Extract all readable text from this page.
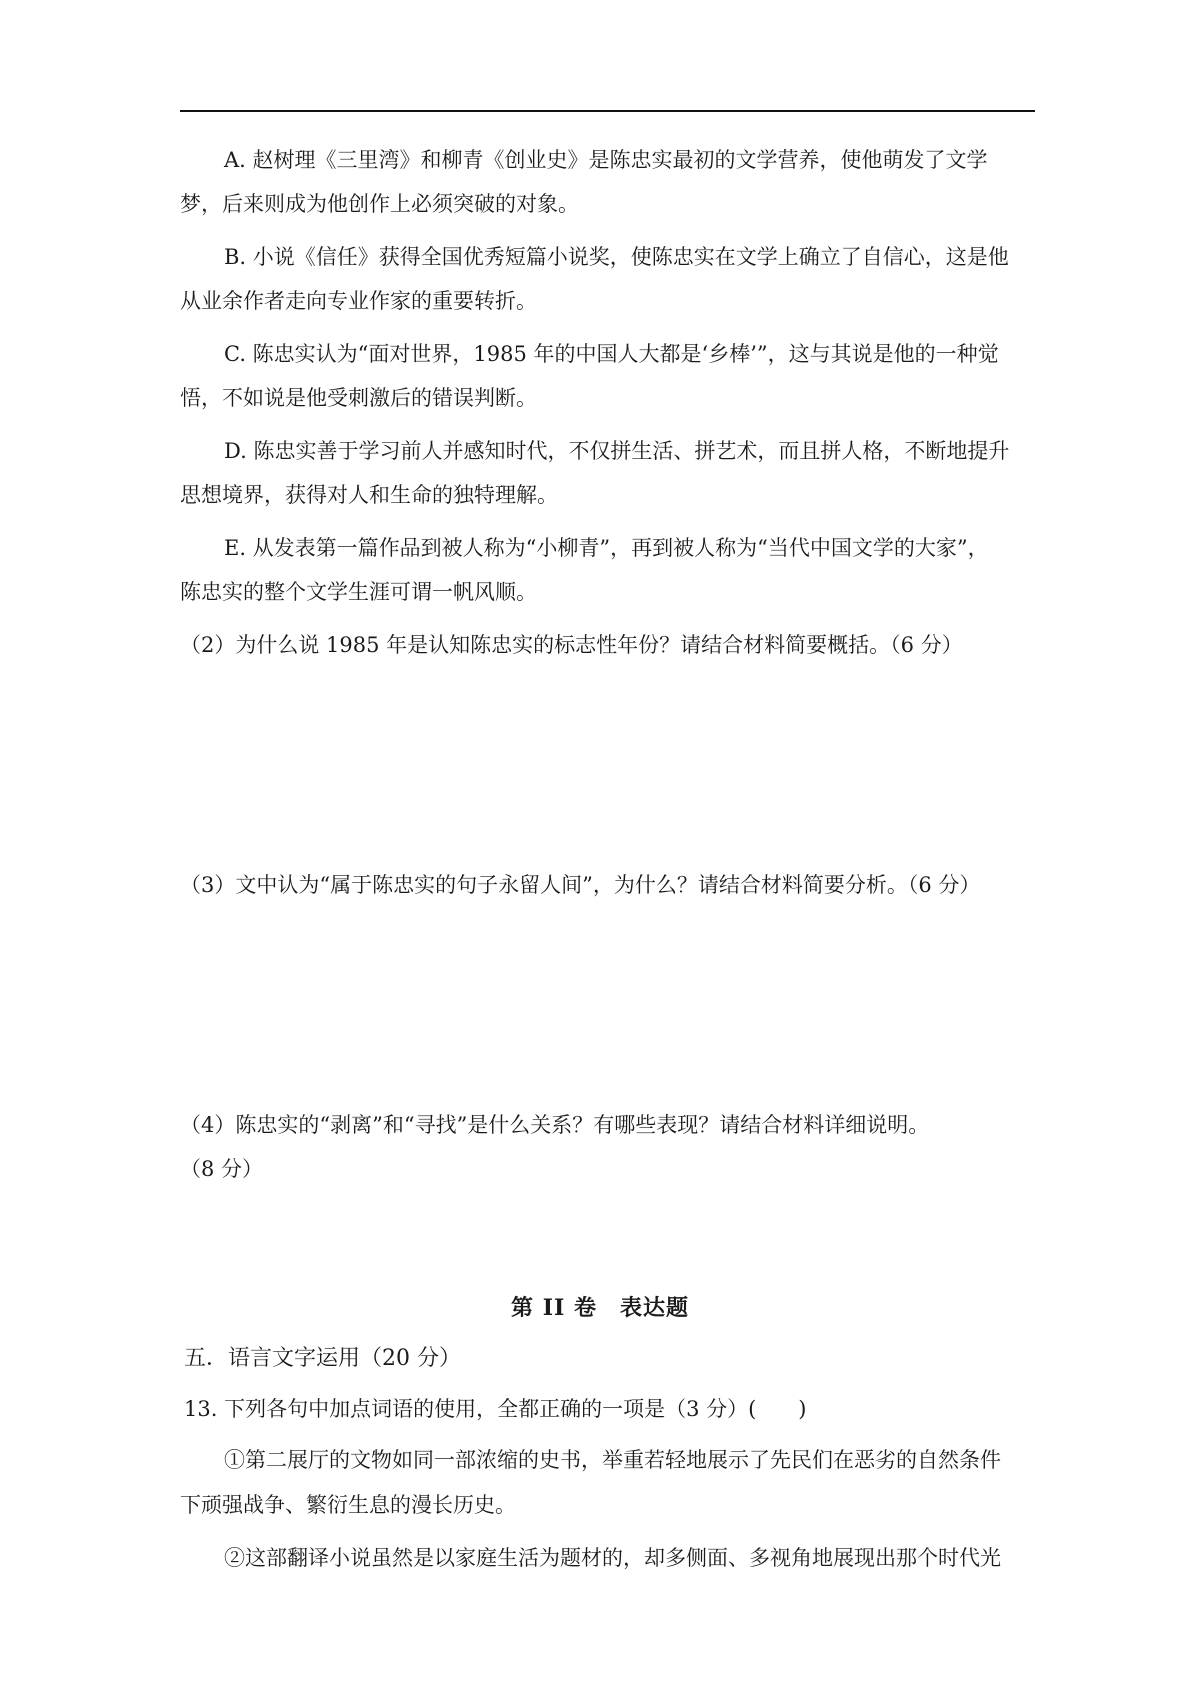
A. 赵树理《三里湾》和柳青《创业史》是陈忠实最初的文学营养，使他萌发了文学
梦，后来则成为他创作上必须突破的对象。
B. 小说《信任》获得全国优秀短篇小说奖，使陈忠实在文学上确立了自信心，这是他
从业余作者走向专业作家的重要转折。
C. 陈忠实认为“面对世界，1985 年的中国人大都是‘乡棒’”，这与其说是他的一种觉
悟，不如说是他受刺激后的错误判断。
D. 陈忠实善于学习前人并感知时代，不仅拼生活、拼艺术，而且拼人格，不断地提升
思想境界，获得对人和生命的独特理解。
E. 从发表第一篇作品到被人称为“小柳青”，再到被人称为“当代中国文学的大家”，
陈忠实的整个文学生涯可谓一帆风顺。
（2）为什么说 1985 年是认知陈忠实的标志性年份？请结合材料简要概括。（6 分）
（3）文中认为“属于陈忠实的句子永留人间”，为什么？请结合材料简要分析。（6 分）
（4）陈忠实的“剥离”和“寻找”是什么关系？有哪些表现？请结合材料详细说明。
（8 分）
第 II 卷　表达题
五．语言文字运用（20 分）
13. 下列各句中加点词语的使用，全都正确的一项是（3 分）(　　)
①第二展厅的文物如同一部浓缩的史书，举重若轻地展示了先民们在恶劣的自然条件
下顽强战争、繁衍生息的漫长历史。
②这部翻译小说虽然是以家庭生活为题材的，却多侧面、多视角地展现出那个时代光
